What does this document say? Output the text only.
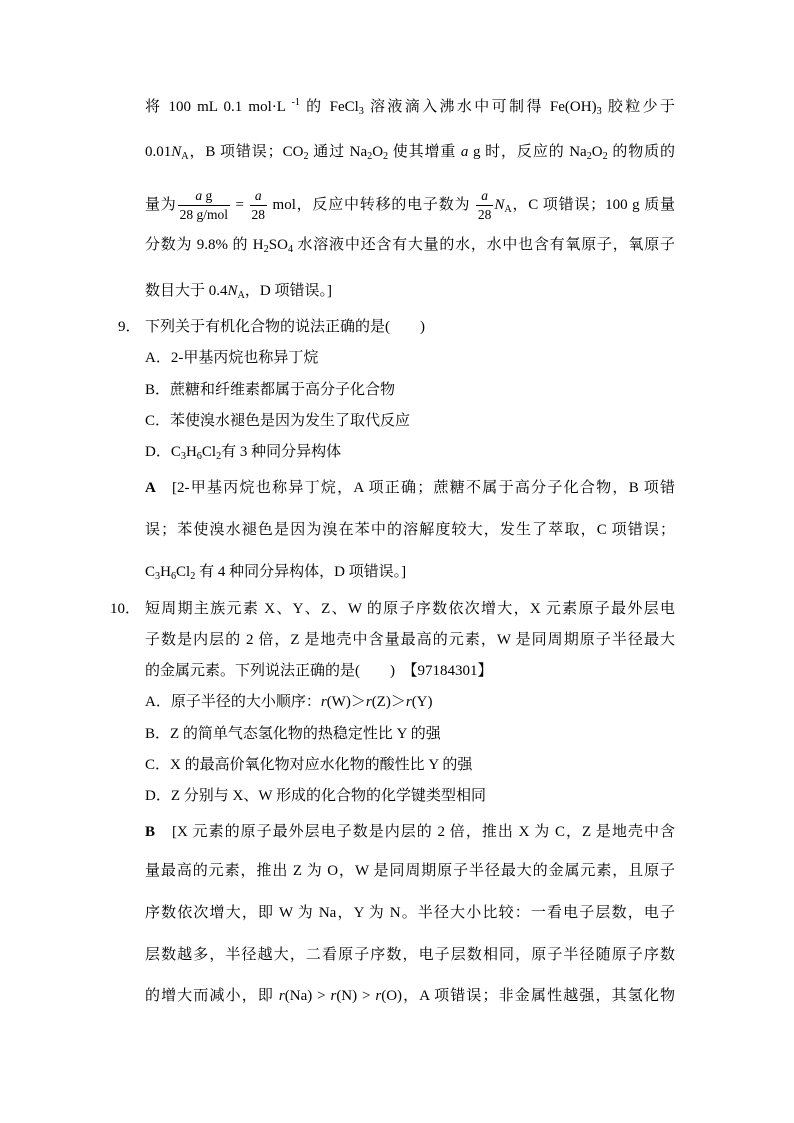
将 100 mL 0.1 mol·L $^{-1}$ 的 FeCl$_3$ 溶液滴入沸水中可制得 $Fe(OH)_3$ 胶粒少于
$0.01N_A$，B 项错误；$CO_2$ 通过 $Na_2O_2$ 使其增重 a g 时，反应的 $Na_2O_2$ 的物质的
量为 $\frac{\text{a g}}{\text{28 g/mol}} = \frac{a}{28}$ mol，反应中转移的电子数为 $\frac{a}{28} N_A$，C 项错误；100 g 质量
分数为 9.8% 的 $H_2SO_4$ 水溶液中还含有大量的水，水中也含有氧原子，氧原子
数目大于 $0.4N_A$，D 项错误。]
9． 下列关于有机化合物的说法正确的是(　　)
A．2-甲基丙烷也称异丁烷
B．蔗糖和纤维素都属于高分子化合物
C．苯使溴水褪色是因为发生了取代反应
D．$C_3H_6Cl_2$有 3 种同分异构体
A [2-甲基丙烷也称异丁烷，A 项正确；蔗糖不属于高分子化合物，B 项错
误；苯使溴水褪色是因为溴在苯中的溶解度较大，发生了萃取，C 项错误；
$C_3H_6Cl_2$ 有 4 种同分异构体，D 项错误。]
10． 短周期主族元素 X、Y、Z、W 的原子序数依次增大，X 元素原子最外层电
子数是内层的 2 倍，Z 是地壳中含量最高的元素，W 是同周期原子半径最大
的金属元素。下列说法正确的是(　　)　【97184301】
A．原子半径的大小顺序：r(W)＞r(Z)＞r(Y)
B．Z 的简单气态氢化物的热稳定性比 Y 的强
C．X 的最高价氧化物对应水化物的酸性比 Y 的强
D．Z 分别与 X、W 形成的化合物的化学键类型相同
B [X 元素的原子最外层电子数是内层的 2 倍，推出 X 为 C，Z 是地壳中含
量最高的元素，推出 Z 为 O，W 是同周期原子半径最大的金属元素，且原子
序数依次增大，即 W 为 Na，Y 为 N。半径大小比较：一看电子层数，电子
层数越多，半径越大，二看原子序数，电子层数相同，原子半径随原子序数
的增大而减小，即 r(Na) > r(N) > r(O)，A 项错误；非金属性越强，其氢化物
